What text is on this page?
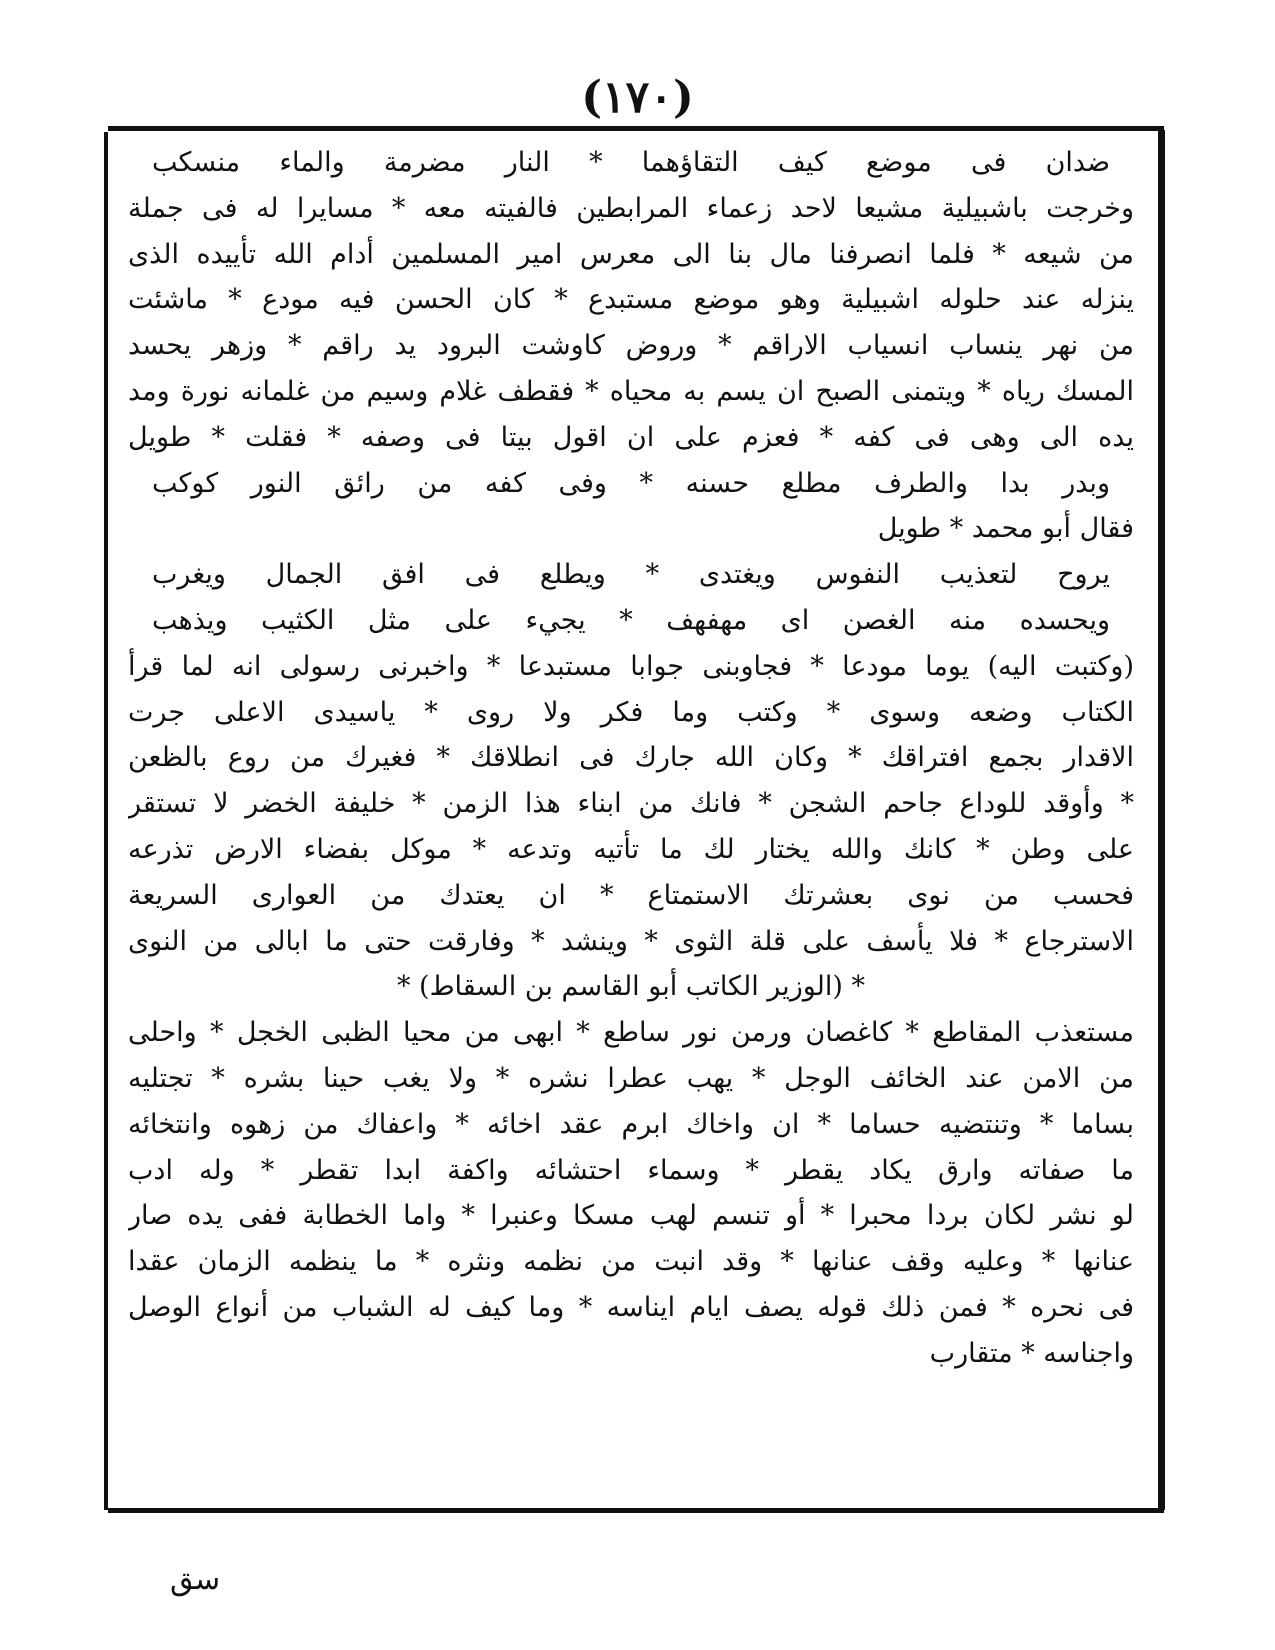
(١٧٠)
ضدان فى موضع كيف التقاؤهما * النار مضرمة والماء منسكب
وخرجت باشبيلية مشيعا لاحد زعماء المرابطين فالفيته معه * مسايرا له فى جملة
من شيعه * فلما انصرفنا مال بنا الى معرس امير المسلمين أدام الله تأييده الذى
ينزله عند حلوله اشبيلية وهو موضع مستبدع * كان الحسن فيه مودع * ماشئت
من نهر ينساب انسياب الاراقم * وروض كاوشت البرود يد راقم * وزهر يحسد
المسك رياه * ويتمنى الصبح ان يسم به محياه * فقطف غلام وسيم من غلمانه نورة ومد
يده الى وهى فى كفه * فعزم على ان اقول بيتا فى وصفه * فقلت * طويل
وبدر بدا والطرف مطلع حسنه * وفى كفه من رائق النور كوكب
فقال أبو محمد * طويل
يروح لتعذيب النفوس ويغتدى * ويطلع فى افق الجمال ويغرب
ويحسده منه الغصن اى مهفهف * يجيء على مثل الكثيب ويذهب
(وكتبت اليه) يوما مودعا * فجاوبنى جوابا مستبدعا * واخبرنى رسولى انه لما قرأ
الكتاب وضعه وسوى * وكتب وما فكر ولا روى * ياسيدى الاعلى جرت
الاقدار بجمع افتراقك * وكان الله جارك فى انطلاقك * فغيرك من روع بالظعن
* وأوقد للوداع جاحم الشجن * فانك من ابناء هذا الزمن * خليفة الخضر لا تستقر
على وطن * كانك والله يختار لك ما تأتيه وتدعه * موكل بفضاء الارض تذرعه
فحسب من نوى بعشرتك الاستمتاع * ان يعتدك من العوارى السريعة
الاسترجاع * فلا يأسف على قلة الثوى * وينشد * وفارقت حتى ما ابالى من النوى
* (الوزير الكاتب أبو القاسم بن السقاط) *
مستعذب المقاطع * كاغصان ورمن نور ساطع * ابهى من محيا الظبى الخجل * واحلى
من الامن عند الخائف الوجل * يهب عطرا نشره * ولا يغب حينا بشره * تجتليه
بساما * وتنتضيه حساما * ان واخاك ابرم عقد اخائه * واعفاك من زهوه وانتخائه
ما صفاته وارق يكاد يقطر * وسماء احتشائه واكفة ابدا تقطر * وله ادب
لو نشر لكان بردا محبرا * أو تنسم لهب مسكا وعنبرا * واما الخطابة ففى يده صار
عنانها * وعليه وقف عنانها * وقد انبت من نظمه ونثره * ما ينظمه الزمان عقدا
فى نحره * فمن ذلك قوله يصف ايام ايناسه * وما كيف له الشباب من أنواع الوصل
واجناسه * متقارب
سق
